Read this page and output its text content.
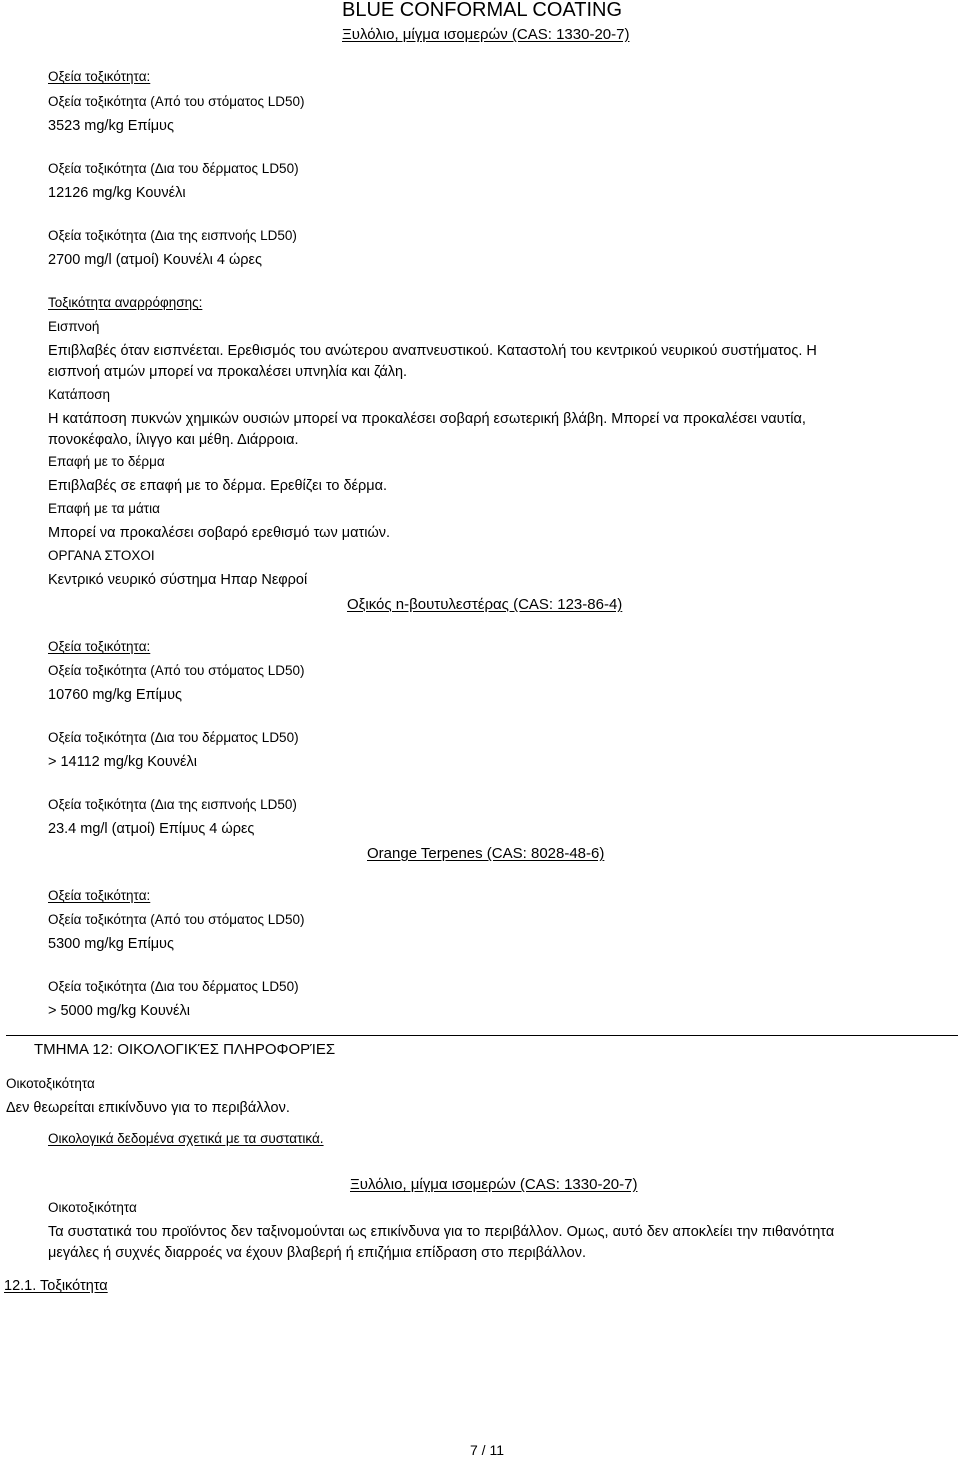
BLUE CONFORMAL COATING
Ξυλόλιο, μίγμα ισομερών (CAS: 1330-20-7)
Οξεία τοξικότητα:
Οξεία τοξικότητα (Από του στόματος LD50)
3523 mg/kg Επίμυς
Οξεία τοξικότητα (Δια του δέρματος LD50)
12126 mg/kg Κουνέλι
Οξεία τοξικότητα (Δια της εισπνοής LD50)
2700 mg/l (ατμοί) Κουνέλι 4 ώρες
Τοξικότητα αναρρόφησης:
Εισπνοή
Επιβλαβές όταν εισπνέεται. Ερεθισμός του ανώτερου αναπνευστικού. Καταστολή του κεντρικού νευρικού συστήματος. Η
εισπνοή ατμών μπορεί να προκαλέσει υπνηλία και ζάλη.
Κατάποση
Η κατάποση πυκνών χημικών ουσιών μπορεί να προκαλέσει σοβαρή εσωτερική βλάβη. Μπορεί να προκαλέσει ναυτία,
πονοκέφαλο, ίλιγγο και μέθη. Διάρροια.
Επαφή με το δέρμα
Επιβλαβές σε επαφή με το δέρμα. Ερεθίζει το δέρμα.
Επαφή με τα μάτια
Μπορεί να προκαλέσει σοβαρό ερεθισμό των ματιών.
ΟΡΓΑΝΑ ΣΤΟΧΟΙ
Κεντρικό νευρικό σύστημα Ηπαρ Νεφροί
Οξικός n-βουτυλεστέρας (CAS: 123-86-4)
Οξεία τοξικότητα:
Οξεία τοξικότητα (Από του στόματος LD50)
10760 mg/kg Επίμυς
Οξεία τοξικότητα (Δια του δέρματος LD50)
> 14112 mg/kg Κουνέλι
Οξεία τοξικότητα (Δια της εισπνοής LD50)
23.4 mg/l (ατμοί) Επίμυς 4 ώρες
Orange Terpenes (CAS: 8028-48-6)
Οξεία τοξικότητα:
Οξεία τοξικότητα (Από του στόματος LD50)
5300 mg/kg Επίμυς
Οξεία τοξικότητα (Δια του δέρματος LD50)
> 5000 mg/kg Κουνέλι
ΤΜΗΜΑ 12: ΟΙΚΟΛΟΓΙΚΈΣ ΠΛΗΡΟΦΟΡΊΕΣ
Οικοτοξικότητα
Δεν θεωρείται επικίνδυνο για το περιβάλλον.
Οικολογικά δεδομένα σχετικά με τα συστατικά.
Ξυλόλιο, μίγμα ισομερών (CAS: 1330-20-7)
Οικοτοξικότητα
Τα συστατικά του προϊόντος δεν ταξινομούνται ως επικίνδυνα για το περιβάλλον. Ομως, αυτό δεν αποκλείει την πιθανότητα
μεγάλες ή συχνές διαρροές να έχουν βλαβερή ή επιζήμια επίδραση στο περιβάλλον.
12.1. Τοξικότητα
7 / 11
